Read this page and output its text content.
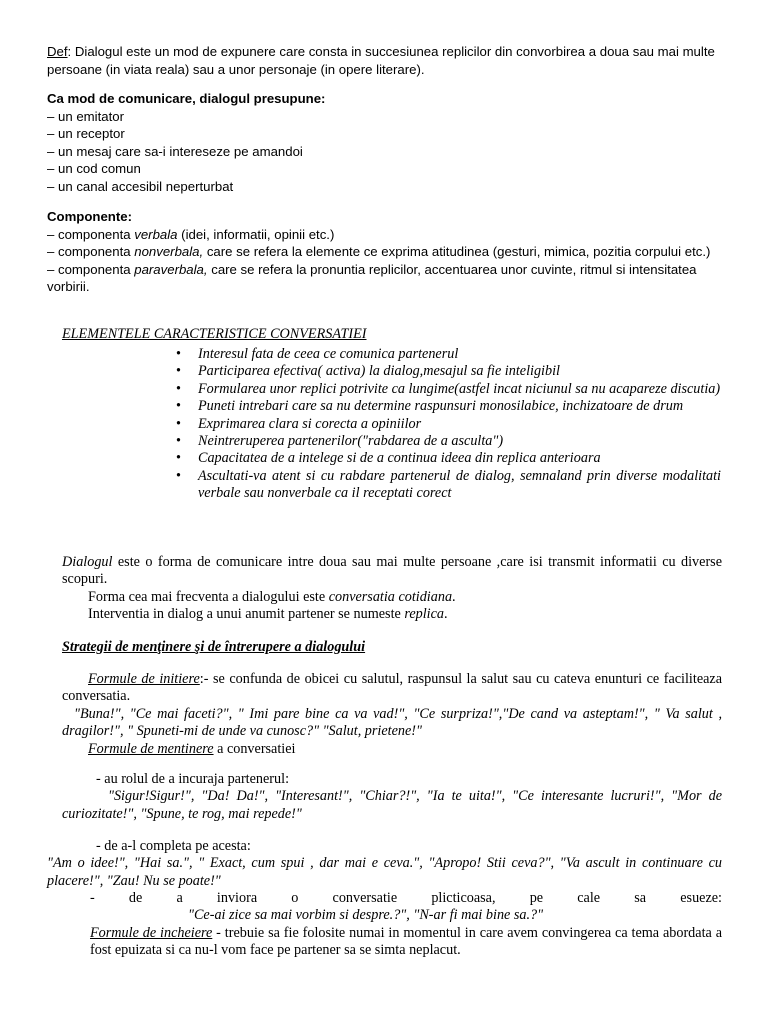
Def: Dialogul este un mod de expunere care consta in succesiunea replicilor din convorbirea a doua sau mai multe persoane (in viata reala) sau a unor personaje (in opere literare).

Ca mod de comunicare, dialogul presupune:

– un emitator

– un receptor

– un mesaj care sa-i intereseze pe amandoi

– un cod comun

– un canal accesibil neperturbat

Componente:

– componenta verbala (idei, informatii, opinii etc.)

– componenta nonverbala, care se refera la elemente ce exprima atitudinea (gesturi, mimica, pozitia corpului etc.)

– componenta paraverbala, care se refera la pronuntia replicilor, accentuarea unor cuvinte, ritmul si intensitatea vorbirii.

ELEMENTELE CARACTERISTICE CONVERSATIEI
• Interesul fata de ceea ce comunica partenerul
• Participarea efectiva( activa) la dialog,mesajul sa fie inteligibil
• Formularea unor replici potrivite ca lungime(astfel incat niciunul sa nu acapareze discutia)
• Puneti intrebari care sa nu determine raspunsuri monosilabice, inchizatoare de drum
• Exprimarea clara si corecta a opiniilor
• Neintreruperea partenerilor("rabdarea de a asculta")
• Capacitatea de a intelege si de a continua ideea din replica anterioara
• Ascultati-va atent si cu rabdare partenerul de dialog, semnaland prin diverse modalitati verbale sau nonverbale ca il receptati corect

Dialogul este o forma de comunicare intre doua sau mai multe persoane ,care isi transmit informatii cu diverse scopuri.

Forma cea mai frecventa a dialogului este conversatia cotidiana.

Interventia in dialog a unui anumit partener se numeste replica.

Strategii de menţinere şi de întrerupere a dialogului

Formule de initiere:- se confunda de obicei cu salutul, raspunsul la salut sau cu cateva enunturi ce faciliteaza conversatia.

"Buna!", "Ce mai faceti?", " Imi pare bine ca va vad!", "Ce surpriza!","De cand va asteptam!", " Va salut , dragilor!", " Spuneti-mi de unde va cunosc?" "Salut, prietene!"

Formule de mentinere a conversatiei

- au rolul de a incuraja partenerul:

"Sigur!Sigur!", "Da! Da!", "Interesant!", "Chiar?!", "Ia te uita!", "Ce interesante lucruri!", "Mor de curiozitate!", "Spune, te rog, mai repede!"

- de a-l completa pe acesta:

"Am o idee!", "Hai sa.", " Exact, cum spui , dar mai e ceva.", "Apropo! Stii ceva?", "Va ascult in continuare cu placere!", "Zau! Nu se poate!"

- de a inviora o conversatie plicticoasa, pe cale sa esueze:

"Ce-ai zice sa mai vorbim si despre.?", "N-ar fi mai bine sa.?"

Formule de incheiere - trebuie sa fie folosite numai in momentul in care avem convingerea ca tema abordata a fost epuizata si ca nu-l vom face pe partener sa se simta neplacut.
